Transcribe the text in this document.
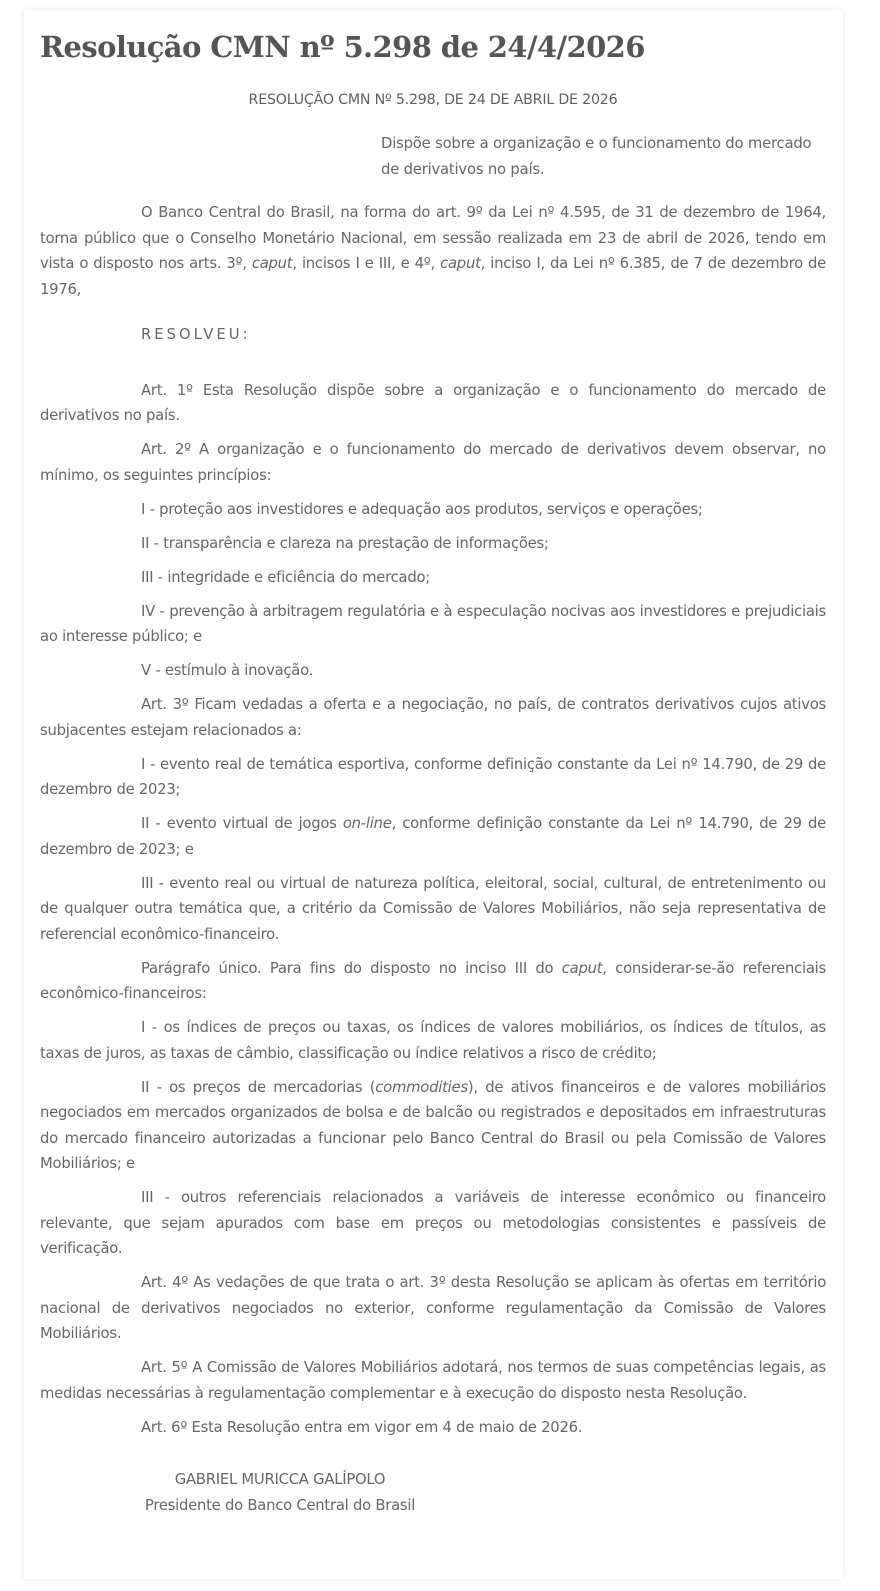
Resolução CMN nº 5.298 de 24/4/2026
RESOLUÇÃO CMN Nº 5.298, DE 24 DE ABRIL DE 2026
Dispõe sobre a organização e o funcionamento do mercado de derivativos no país.

O Banco Central do Brasil, na forma do art. 9º da Lei nº 4.595, de 31 de dezembro de 1964, torna público que o Conselho Monetário Nacional, em sessão realizada em 23 de abril de 2026, tendo em vista o disposto nos arts. 3º, caput, incisos I e III, e 4º, caput, inciso I, da Lei nº 6.385, de 7 de dezembro de 1976,

RESOLVEU:

Art. 1º Esta Resolução dispõe sobre a organização e o funcionamento do mercado de derivativos no país.

Art. 2º A organização e o funcionamento do mercado de derivativos devem observar, no mínimo, os seguintes princípios:

I - proteção aos investidores e adequação aos produtos, serviços e operações;

II - transparência e clareza na prestação de informações;

III - integridade e eficiência do mercado;

IV - prevenção à arbitragem regulatória e à especulação nocivas aos investidores e prejudiciais ao interesse público; e

V - estímulo à inovação.

Art. 3º Ficam vedadas a oferta e a negociação, no país, de contratos derivativos cujos ativos subjacentes estejam relacionados a:

I - evento real de temática esportiva, conforme definição constante da Lei nº 14.790, de 29 de dezembro de 2023;

II - evento virtual de jogos on-line, conforme definição constante da Lei nº 14.790, de 29 de dezembro de 2023; e

III - evento real ou virtual de natureza política, eleitoral, social, cultural, de entretenimento ou de qualquer outra temática que, a critério da Comissão de Valores Mobiliários, não seja representativa de referencial econômico-financeiro.

Parágrafo único. Para fins do disposto no inciso III do caput, considerar-se-ão referenciais econômico-financeiros:

I - os índices de preços ou taxas, os índices de valores mobiliários, os índices de títulos, as taxas de juros, as taxas de câmbio, classificação ou índice relativos a risco de crédito;

II - os preços de mercadorias (commodities), de ativos financeiros e de valores mobiliários negociados em mercados organizados de bolsa e de balcão ou registrados e depositados em infraestruturas do mercado financeiro autorizadas a funcionar pelo Banco Central do Brasil ou pela Comissão de Valores Mobiliários; e

III - outros referenciais relacionados a variáveis de interesse econômico ou financeiro relevante, que sejam apurados com base em preços ou metodologias consistentes e passíveis de verificação.

Art. 4º As vedações de que trata o art. 3º desta Resolução se aplicam às ofertas em território nacional de derivativos negociados no exterior, conforme regulamentação da Comissão de Valores Mobiliários.

Art. 5º A Comissão de Valores Mobiliários adotará, nos termos de suas competências legais, as medidas necessárias à regulamentação complementar e à execução do disposto nesta Resolução.

Art. 6º Esta Resolução entra em vigor em 4 de maio de 2026.

GABRIEL MURICCA GALÍPOLO
Presidente do Banco Central do Brasil
